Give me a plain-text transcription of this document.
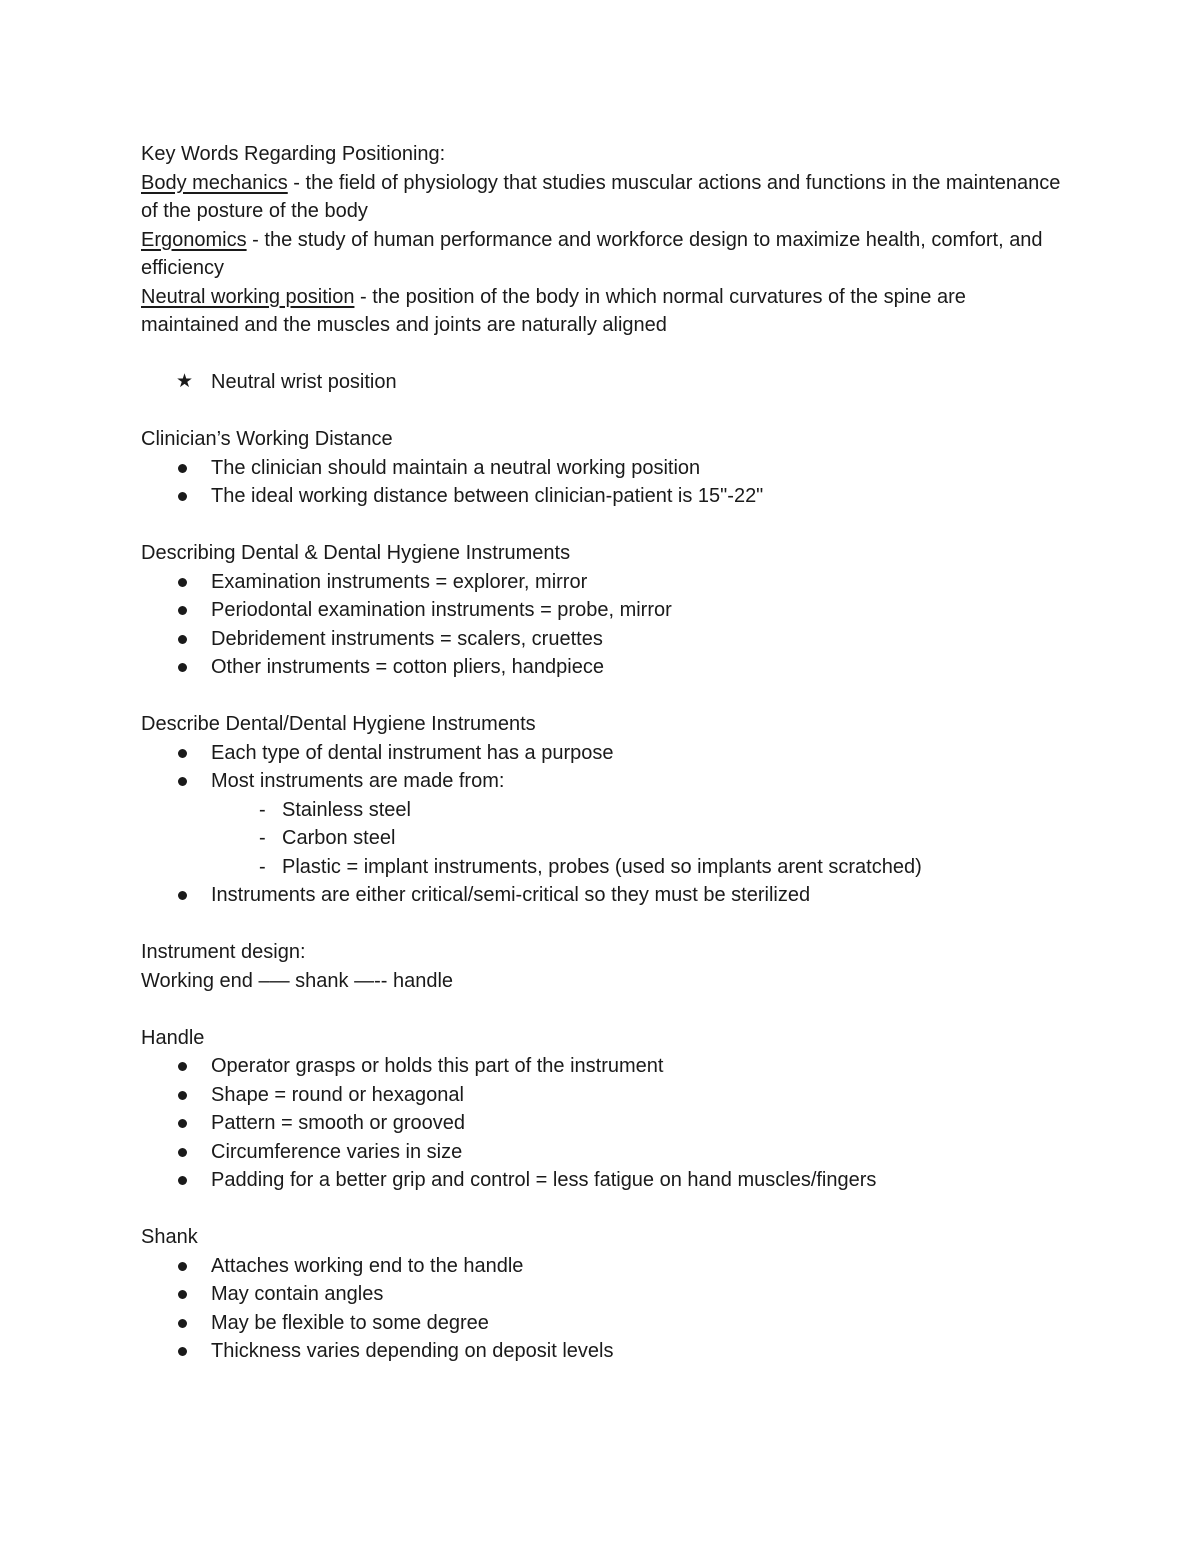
Key Words Regarding Positioning:
Body mechanics - the field of physiology that studies muscular actions and functions in the maintenance of the posture of the body
Ergonomics - the study of human performance and workforce design to maximize health, comfort, and efficiency
Neutral working position - the position of the body in which normal curvatures of the spine are maintained and the muscles and joints are naturally aligned
★ Neutral wrist position
Clinician’s Working Distance
The clinician should maintain a neutral working position
The ideal working distance between clinician-patient is 15"-22"
Describing Dental & Dental Hygiene Instruments
Examination instruments = explorer, mirror
Periodontal examination instruments = probe, mirror
Debridement instruments = scalers, cruettes
Other instruments = cotton pliers, handpiece
Describe Dental/Dental Hygiene Instruments
Each type of dental instrument has a purpose
Most instruments are made from:
- Stainless steel
- Carbon steel
- Plastic = implant instruments, probes (used so implants arent scratched)
Instruments are either critical/semi-critical so they must be sterilized
Instrument design:
Working end –— shank —-- handle
Handle
Operator grasps or holds this part of the instrument
Shape = round or hexagonal
Pattern = smooth or grooved
Circumference varies in size
Padding for a better grip and control = less fatigue on hand muscles/fingers
Shank
Attaches working end to the handle
May contain angles
May be flexible to some degree
Thickness varies depending on deposit levels
